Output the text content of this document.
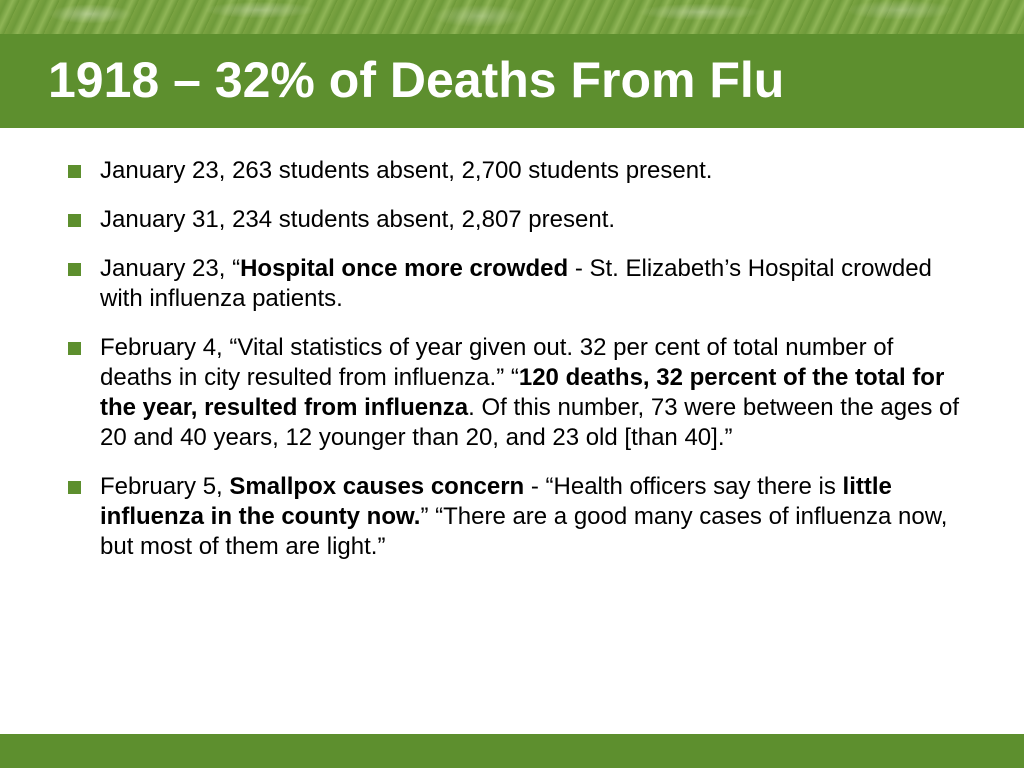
1918 – 32% of Deaths From Flu
January 23, 263 students absent, 2,700 students present.
January 31, 234 students absent, 2,807 present.
January 23, “Hospital once more crowded - St. Elizabeth’s Hospital crowded with influenza patients.
February 4, “Vital statistics of year given out. 32 per cent of total number of deaths in city resulted from influenza.” “120 deaths, 32 percent of the total for the year, resulted from influenza. Of this number, 73 were between the ages of 20 and 40 years, 12 younger than 20, and 23 old [than 40].”
February 5, Smallpox causes concern - “Health officers say there is little influenza in the county now.” “There are a good many cases of influenza now, but most of them are light.”
